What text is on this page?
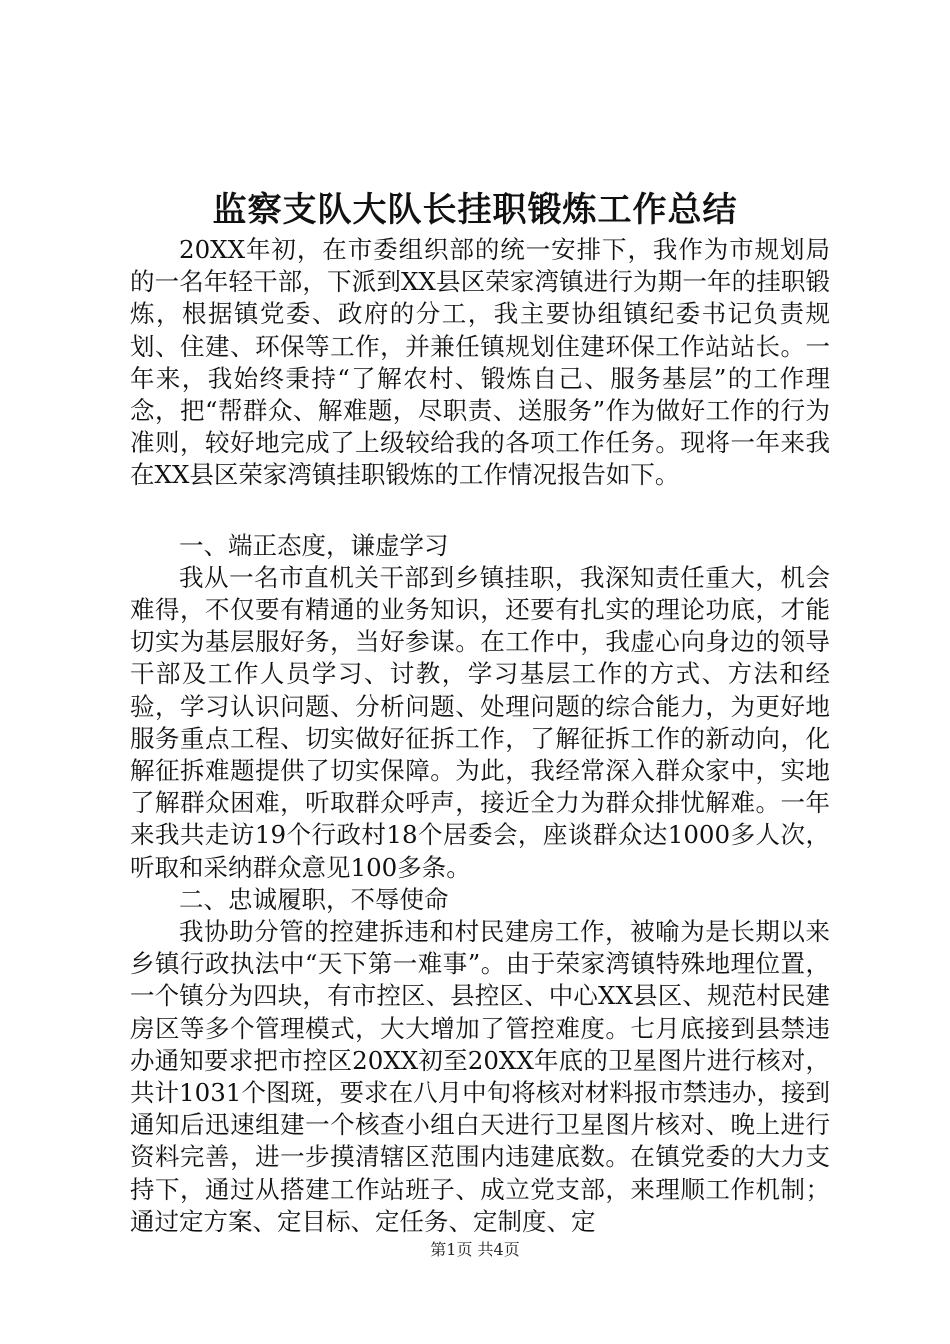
监察支队大队长挂职锻炼工作总结

20XX年初，在市委组织部的统一安排下，我作为市规划局的一名年轻干部，下派到XX县区荣家湾镇进行为期一年的挂职锻炼，根据镇党委、政府的分工，我主要协组镇纪委书记负责规划、住建、环保等工作，并兼任镇规划住建环保工作站站长。一年来，我始终秉持“了解农村、锻炼自己、服务基层”的工作理念，把“帮群众、解难题，尽职责、送服务”作为做好工作的行为准则，较好地完成了上级较给我的各项工作任务。现将一年来我在XX县区荣家湾镇挂职锻炼的工作情况报告如下。

一、端正态度，谦虚学习

我从一名市直机关干部到乡镇挂职，我深知责任重大，机会难得，不仅要有精通的业务知识，还要有扎实的理论功底，才能切实为基层服好务，当好参谋。在工作中，我虚心向身边的领导干部及工作人员学习、讨教，学习基层工作的方式、方法和经验，学习认识问题、分析问题、处理问题的综合能力，为更好地服务重点工程、切实做好征拆工作，了解征拆工作的新动向，化解征拆难题提供了切实保障。为此，我经常深入群众家中，实地了解群众困难，听取群众呼声，接近全力为群众排忧解难。一年来我共走访19个行政村18个居委会，座谈群众达1000多人次，听取和采纳群众意见100多条。

二、忠诚履职，不辱使命

我协助分管的控建拆违和村民建房工作，被喻为是长期以来乡镇行政执法中“天下第一难事”。由于荣家湾镇特殊地理位置，一个镇分为四块，有市控区、县控区、中心XX县区、规范村民建房区等多个管理模式，大大增加了管控难度。七月底接到县禁违办通知要求把市控区20XX初至20XX年底的卫星图片进行核对，共计1031个图斑，要求在八月中旬将核对材料报市禁违办，接到通知后迅速组建一个核查小组白天进行卫星图片核对、晚上进行资料完善，进一步摸清辖区范围内违建底数。在镇党委的大力支持下，通过从搭建工作站班子、成立党支部，来理顺工作机制；通过定方案、定目标、定任务、定制度、定

第1页 共4页
